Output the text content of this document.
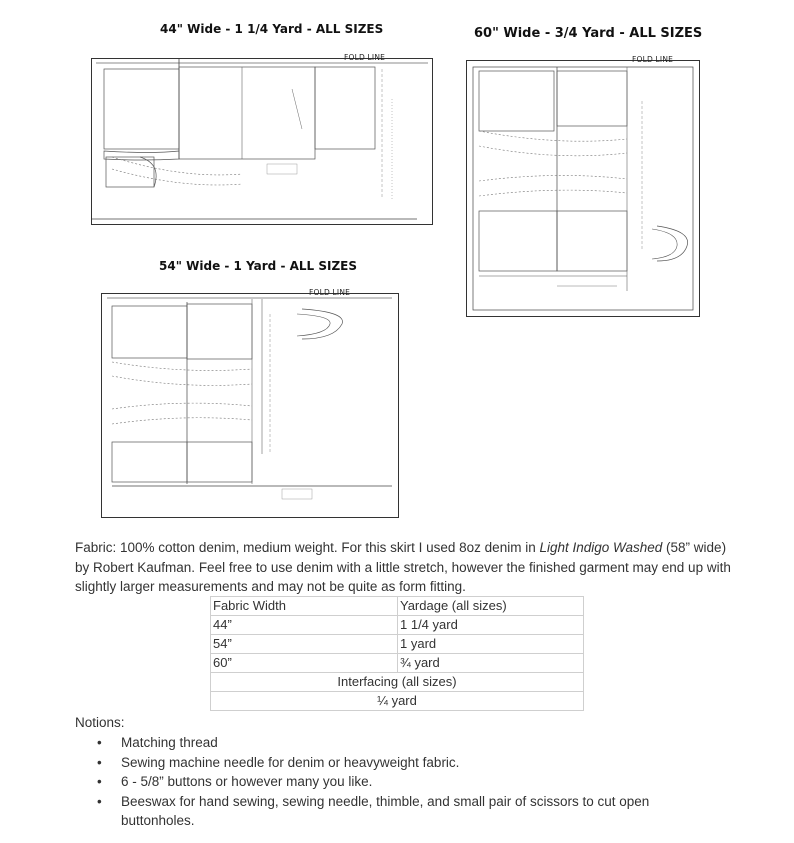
44" Wide - 1 1/4 Yard - ALL SIZES
FOLD LINE
60" Wide - 3/4 Yard - ALL SIZES
FOLD LINE
54" Wide - 1 Yard - ALL SIZES
FOLD LINE

Fabric: 100% cotton denim, medium weight. For this skirt I used 8oz denim in Light Indigo Washed (58” wide) by Robert Kaufman. Feel free to use denim with a little stretch, however the finished garment may end up with slightly larger measurements and may not be quite as form fitting.

Fabric Width	Yardage (all sizes)
44”	1 1/4 yard
54”	1 yard
60”	¾ yard
Interfacing (all sizes)	
¼ yard	

Notions:

• Matching thread
• Sewing machine needle for denim or heavyweight fabric.
• 6 - 5/8” buttons or however many you like.
• Beeswax for hand sewing, sewing needle, thimble, and small pair of scissors to cut open buttonholes.
